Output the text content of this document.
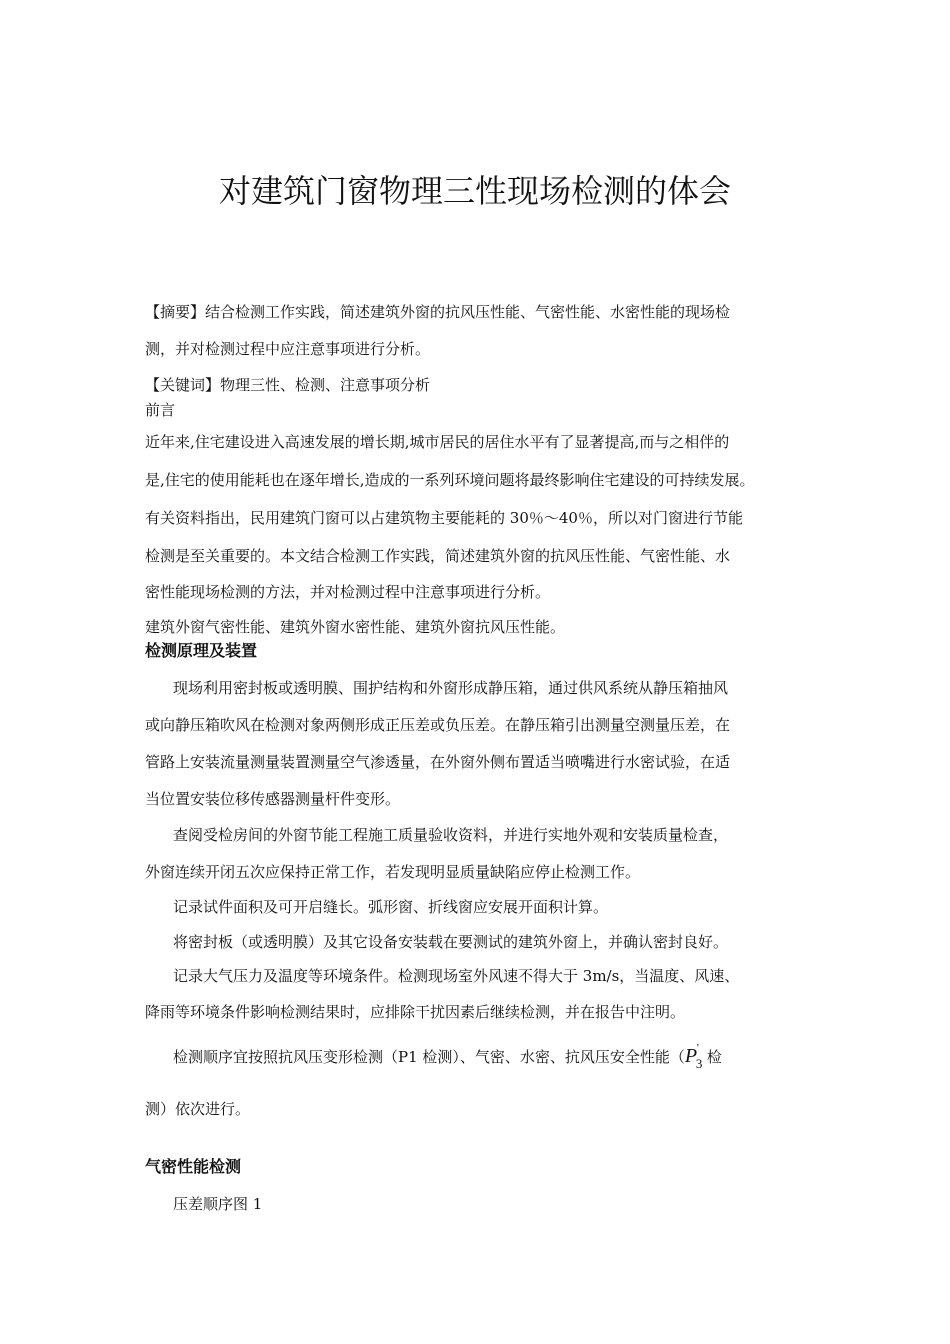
对建筑门窗物理三性现场检测的体会

【摘要】结合检测工作实践，简述建筑外窗的抗风压性能、气密性能、水密性能的现场检

测，并对检测过程中应注意事项进行分析。

【关键词】物理三性、检测、注意事项分析

前言

近年来,住宅建设进入高速发展的增长期,城市居民的居住水平有了显著提高,而与之相伴的

是,住宅的使用能耗也在逐年增长,造成的一系列环境问题将最终影响住宅建设的可持续发展。

有关资料指出，民用建筑门窗可以占建筑物主要能耗的 30％～40％，所以对门窗进行节能

检测是至关重要的。本文结合检测工作实践，简述建筑外窗的抗风压性能、气密性能、水

密性能现场检测的方法，并对检测过程中注意事项进行分析。

建筑外窗气密性能、建筑外窗水密性能、建筑外窗抗风压性能。

检测原理及装置

现场利用密封板或透明膜、围护结构和外窗形成静压箱，通过供风系统从静压箱抽风

或向静压箱吹风在检测对象两侧形成正压差或负压差。在静压箱引出测量空测量压差，在

管路上安装流量测量装置测量空气渗透量，在外窗外侧布置适当喷嘴进行水密试验，在适

当位置安装位移传感器测量杆件变形。

查阅受检房间的外窗节能工程施工质量验收资料，并进行实地外观和安装质量检查，

外窗连续开闭五次应保持正常工作，若发现明显质量缺陷应停止检测工作。

记录试件面积及可开启缝长。弧形窗、折线窗应安展开面积计算。

将密封板（或透明膜）及其它设备安装载在要测试的建筑外窗上，并确认密封良好。

记录大气压力及温度等环境条件。检测现场室外风速不得大于 3m/s，当温度、风速、

降雨等环境条件影响检测结果时，应排除干扰因素后继续检测，并在报告中注明。

检测顺序宜按照抗风压变形检测（P1 检测）、气密、水密、抗风压安全性能（P '
3 检

测）依次进行。

气密性能检测

压差顺序图 1
